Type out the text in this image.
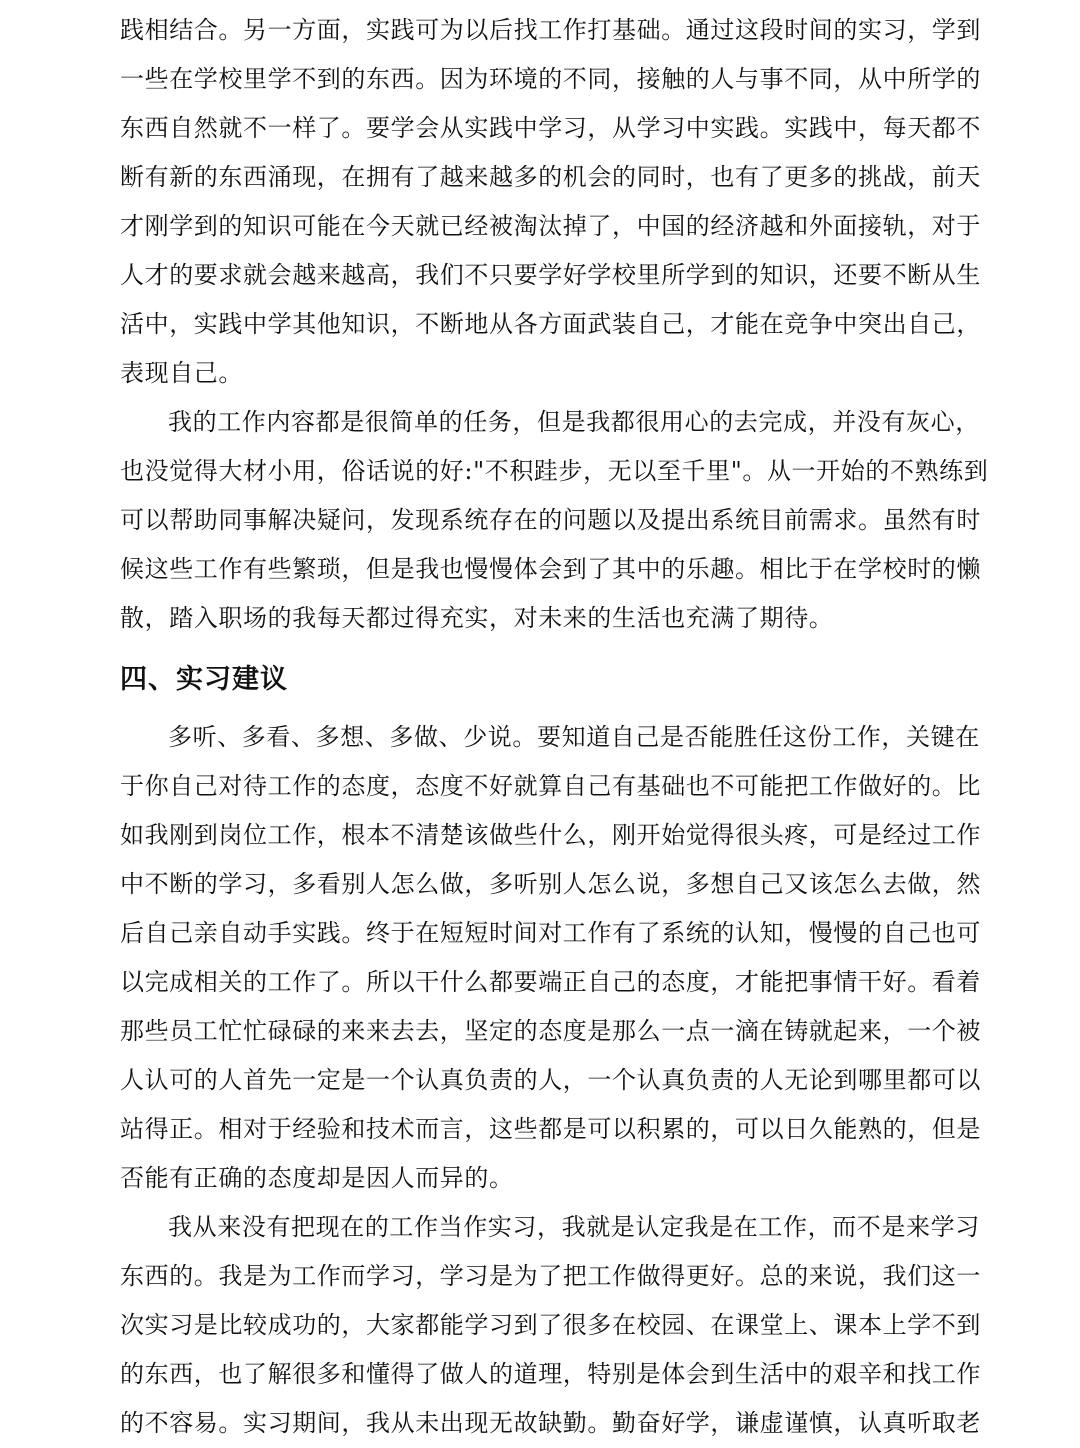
践相结合。另一方面，实践可为以后找工作打基础。通过这段时间的实习，学到
一些在学校里学不到的东西。因为环境的不同，接触的人与事不同，从中所学的
东西自然就不一样了。要学会从实践中学习，从学习中实践。实践中，每天都不
断有新的东西涌现，在拥有了越来越多的机会的同时，也有了更多的挑战，前天
才刚学到的知识可能在今天就已经被淘汰掉了，中国的经济越和外面接轨，对于
人才的要求就会越来越高，我们不只要学好学校里所学到的知识，还要不断从生
活中，实践中学其他知识，不断地从各方面武装自己，才能在竞争中突出自己，
表现自己。
我的工作内容都是很简单的任务，但是我都很用心的去完成，并没有灰心，
也没觉得大材小用，俗话说的好:"不积跬步，无以至千里"。从一开始的不熟练到
可以帮助同事解决疑问，发现系统存在的问题以及提出系统目前需求。虽然有时
候这些工作有些繁琐，但是我也慢慢体会到了其中的乐趣。相比于在学校时的懒
散，踏入职场的我每天都过得充实，对未来的生活也充满了期待。
四、实习建议
多听、多看、多想、多做、少说。要知道自己是否能胜任这份工作，关键在
于你自己对待工作的态度，态度不好就算自己有基础也不可能把工作做好的。比
如我刚到岗位工作，根本不清楚该做些什么，刚开始觉得很头疼，可是经过工作
中不断的学习，多看别人怎么做，多听别人怎么说，多想自己又该怎么去做，然
后自己亲自动手实践。终于在短短时间对工作有了系统的认知，慢慢的自己也可
以完成相关的工作了。所以干什么都要端正自己的态度，才能把事情干好。看着
那些员工忙忙碌碌的来来去去，坚定的态度是那么一点一滴在铸就起来，一个被
人认可的人首先一定是一个认真负责的人，一个认真负责的人无论到哪里都可以
站得正。相对于经验和技术而言，这些都是可以积累的，可以日久能熟的，但是
否能有正确的态度却是因人而异的。
我从来没有把现在的工作当作实习，我就是认定我是在工作，而不是来学习
东西的。我是为工作而学习，学习是为了把工作做得更好。总的来说，我们这一
次实习是比较成功的，大家都能学习到了很多在校园、在课堂上、课本上学不到
的东西，也了解很多和懂得了做人的道理，特别是体会到生活中的艰辛和找工作
的不容易。实习期间，我从未出现无故缺勤。勤奋好学，谦虚谨慎，认真听取老
